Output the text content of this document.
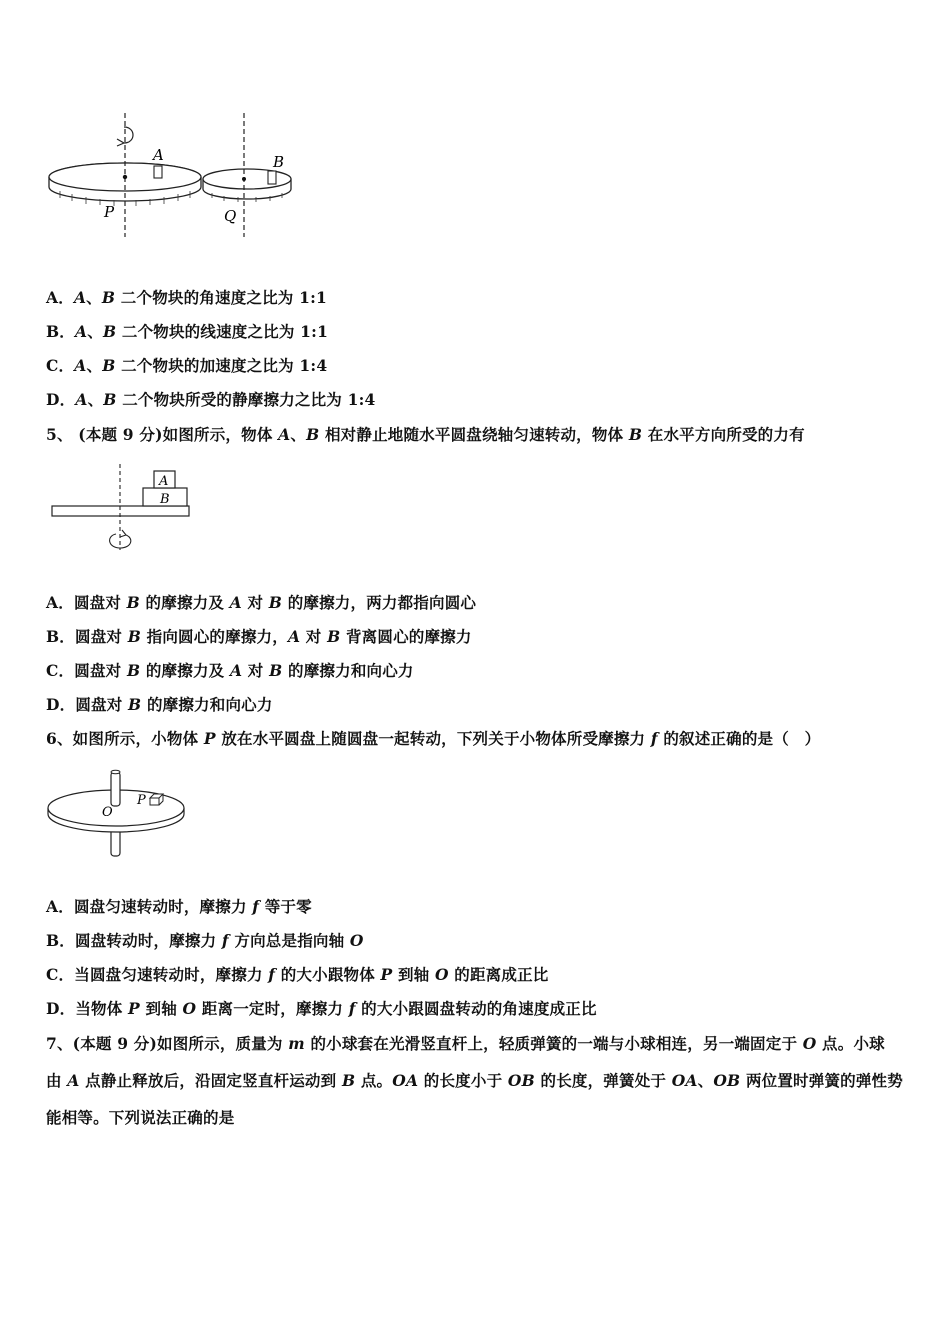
A	B
P	Q
A．A、B 二个物块的角速度之比为 1:1
B．A、B 二个物块的线速度之比为 1:1
C．A、B 二个物块的加速度之比为 1:4
D．A、B 二个物块所受的静摩擦力之比为 1:4
5、 (本题 9 分)如图所示，物体 A、B 相对静止地随水平圆盘绕轴匀速转动，物体 B 在水平方向所受的力有
A
B
A．圆盘对 B 的摩擦力及 A 对 B 的摩擦力，两力都指向圆心
B．圆盘对 B 指向圆心的摩擦力，A 对 B 背离圆心的摩擦力
C．圆盘对 B 的摩擦力及 A 对 B 的摩擦力和向心力
D．圆盘对 B 的摩擦力和向心力
6、如图所示，小物体 P 放在水平圆盘上随圆盘一起转动，下列关于小物体所受摩擦力 f 的叙述正确的是（　）
O
P
A．圆盘匀速转动时，摩擦力 f 等于零
B．圆盘转动时，摩擦力 f 方向总是指向轴 O
C．当圆盘匀速转动时，摩擦力 f 的大小跟物体 P 到轴 O 的距离成正比
D．当物体 P 到轴 O 距离一定时，摩擦力 f 的大小跟圆盘转动的角速度成正比
7、(本题 9 分)如图所示，质量为 m 的小球套在光滑竖直杆上，轻质弹簧的一端与小球相连，另一端固定于 O 点。小球
由 A 点静止释放后，沿固定竖直杆运动到 B 点。OA 的长度小于 OB 的长度，弹簧处于 OA、OB 两位置时弹簧的弹性势
能相等。下列说法正确的是
